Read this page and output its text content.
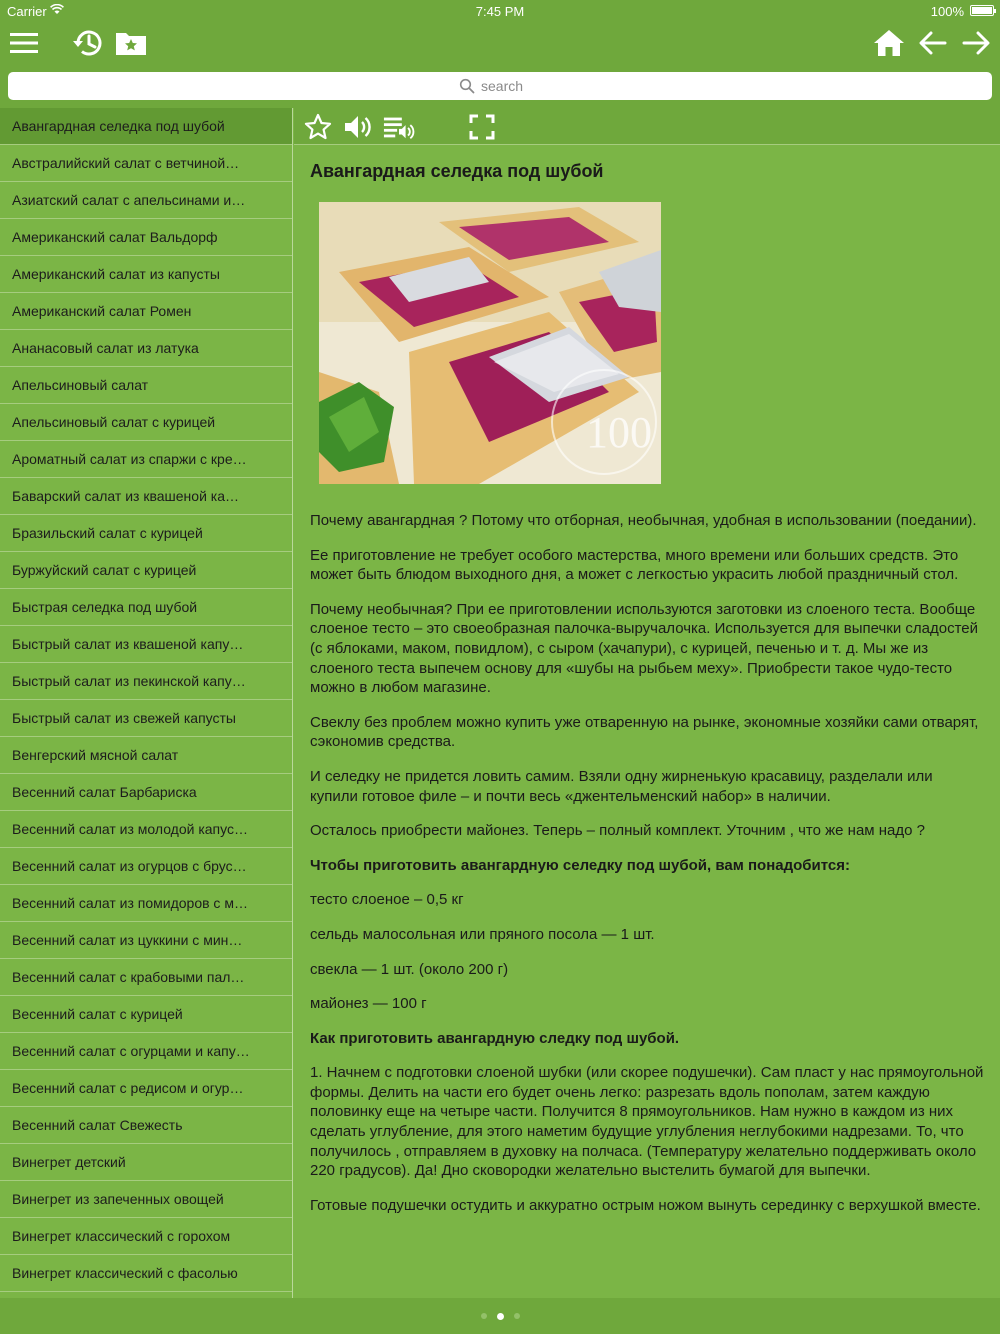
Carrier	7:45 PM	100%
search
Авангардная селедка под шубой
Австралийский салат с ветчиной…
Азиатский салат с апельсинами и…
Американский салат Вальдорф
Американский салат из капусты
Американский салат Ромен
Ананасовый салат из латука
Апельсиновый салат
Апельсиновый салат с курицей
Ароматный салат из спаржи с кре…
Баварский салат из квашеной ка…
Бразильский салат с курицей
Буржуйский салат с курицей
Быстрая селедка под шубой
Быстрый салат из квашеной капу…
Быстрый салат из пекинской капу…
Быстрый салат из свежей капусты
Венгерский мясной салат
Весенний салат Барбариска
Весенний салат из молодой капус…
Весенний салат из огурцов с брус…
Весенний салат из помидоров с м…
Весенний салат из цуккини с мин…
Весенний салат с крабовыми пал…
Весенний салат с курицей
Весенний салат с огурцами и капу…
Весенний салат с редисом и огур…
Весенний салат Свежесть
Винегрет детский
Винегрет из запеченных овощей
Винегрет классический с горохом
Винегрет классический с фасолью
Авангардная селедка под шубой
100

Почему авангардная ? Потому что отборная, необычная, удобная в использовании (поедании).

Ее приготовление не требует особого мастерства, много времени или больших средств. Это может быть блюдом выходного дня, а может с легкостью украсить любой праздничный стол.

Почему необычная? При ее приготовлении используются заготовки из слоеного теста. Вообще слоеное тесто – это своеобразная палочка-выручалочка. Используется для выпечки сладостей (с яблоками, маком, повидлом), с сыром (хачапури), с курицей, печенью и т. д. Мы же из слоеного теста выпечем основу для «шубы на рыбьем меху». Приобрести такое чудо-тесто можно в любом магазине.

Свеклу без проблем можно купить уже отваренную на рынке, экономные хозяйки сами отварят, сэкономив средства.

И селедку не придется ловить самим. Взяли одну жирненькую красавицу, разделали или купили готовое филе – и почти весь «джентельменский набор» в наличии.

Осталось приобрести майонез. Теперь – полный комплект. Уточним , что же нам надо ?

Чтобы приготовить авангардную селедку под шубой, вам понадобится:

тесто слоеное – 0,5 кг

сельдь малосольная или пряного посола — 1 шт.

свекла — 1 шт. (около 200 г)

майонез — 100 г

Как приготовить авангардную следку под шубой.

1. Начнем с подготовки слоеной шубки (или скорее подушечки). Сам пласт у нас прямоугольной формы. Делить на части его будет очень легко: разрезать вдоль пополам, затем каждую половинку еще на четыре части. Получится 8 прямоугольников. Нам нужно в каждом из них сделать углубление, для этого наметим будущие углубления неглубокими надрезами. То, что получилось , отправляем в духовку на полчаса. (Температуру желательно поддерживать около 220 градусов). Да! Дно сковородки желательно выстелить бумагой для выпечки.

Готовые подушечки остудить и аккуратно острым ножом вынуть серединку с верхушкой вместе.
